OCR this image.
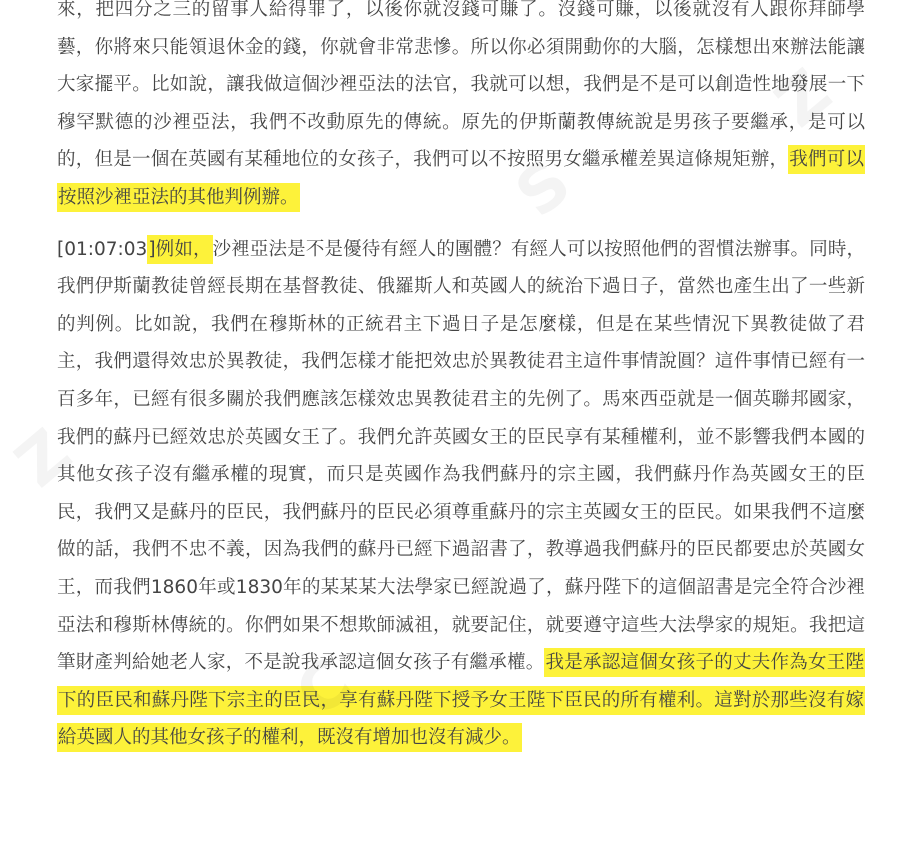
來，把四分之三的留事人給得罪了，以後你就沒錢可賺了。沒錢可賺，以後就沒有人跟你拜師學藝，你將來只能領退休金的錢，你就會非常悲慘。所以你必須開動你的大腦，怎樣想出來辦法能讓大家擺平。比如說，讓我做這個沙裡亞法的法官，我就可以想，我們是不是可以創造性地發展一下穆罕默德的沙裡亞法，我們不改動原先的傳統。原先的伊斯蘭教傳統說是男孩子要繼承，是可以的，但是一個在英國有某種地位的女孩子，我們可以不按照男女繼承權差異這條規矩辦，我們可以按照沙裡亞法的其他判例辦。

[01:07:03]例如，沙裡亞法是不是優待有經人的團體？有經人可以按照他們的習慣法辦事。同時，我們伊斯蘭教徒曾經長期在基督教徒、俄羅斯人和英國人的統治下過日子，當然也產生出了一些新的判例。比如說，我們在穆斯林的正統君主下過日子是怎麼樣，但是在某些情況下異教徒做了君主，我們還得效忠於異教徒，我們怎樣才能把效忠於異教徒君主這件事情說圓？這件事情已經有一百多年，已經有很多關於我們應該怎樣效忠異教徒君主的先例了。馬來西亞就是一個英聯邦國家，我們的蘇丹已經效忠於英國女王了。我們允許英國女王的臣民享有某種權利，並不影響我們本國的其他女孩子沒有繼承權的現實，而只是英國作為我們蘇丹的宗主國，我們蘇丹作為英國女王的臣民，我們又是蘇丹的臣民，我們蘇丹的臣民必須尊重蘇丹的宗主英國女王的臣民。如果我們不這麼做的話，我們不忠不義，因為我們的蘇丹已經下過詔書了，教導過我們蘇丹的臣民都要忠於英國女王，而我們1860年或1830年的某某某大法學家已經說過了，蘇丹陛下的這個詔書是完全符合沙裡亞法和穆斯林傳統的。你們如果不想欺師滅祖，就要記住，就要遵守這些大法學家的規矩。我把這筆財產判給她老人家，不是說我承認這個女孩子有繼承權。我是承認這個女孩子的丈夫作為女王陛下的臣民和蘇丹陛下宗主的臣民，享有蘇丹陛下授予女王陛下臣民的所有權利。這對於那些沒有嫁給英國人的其他女孩子的權利，既沒有增加也沒有減少。
